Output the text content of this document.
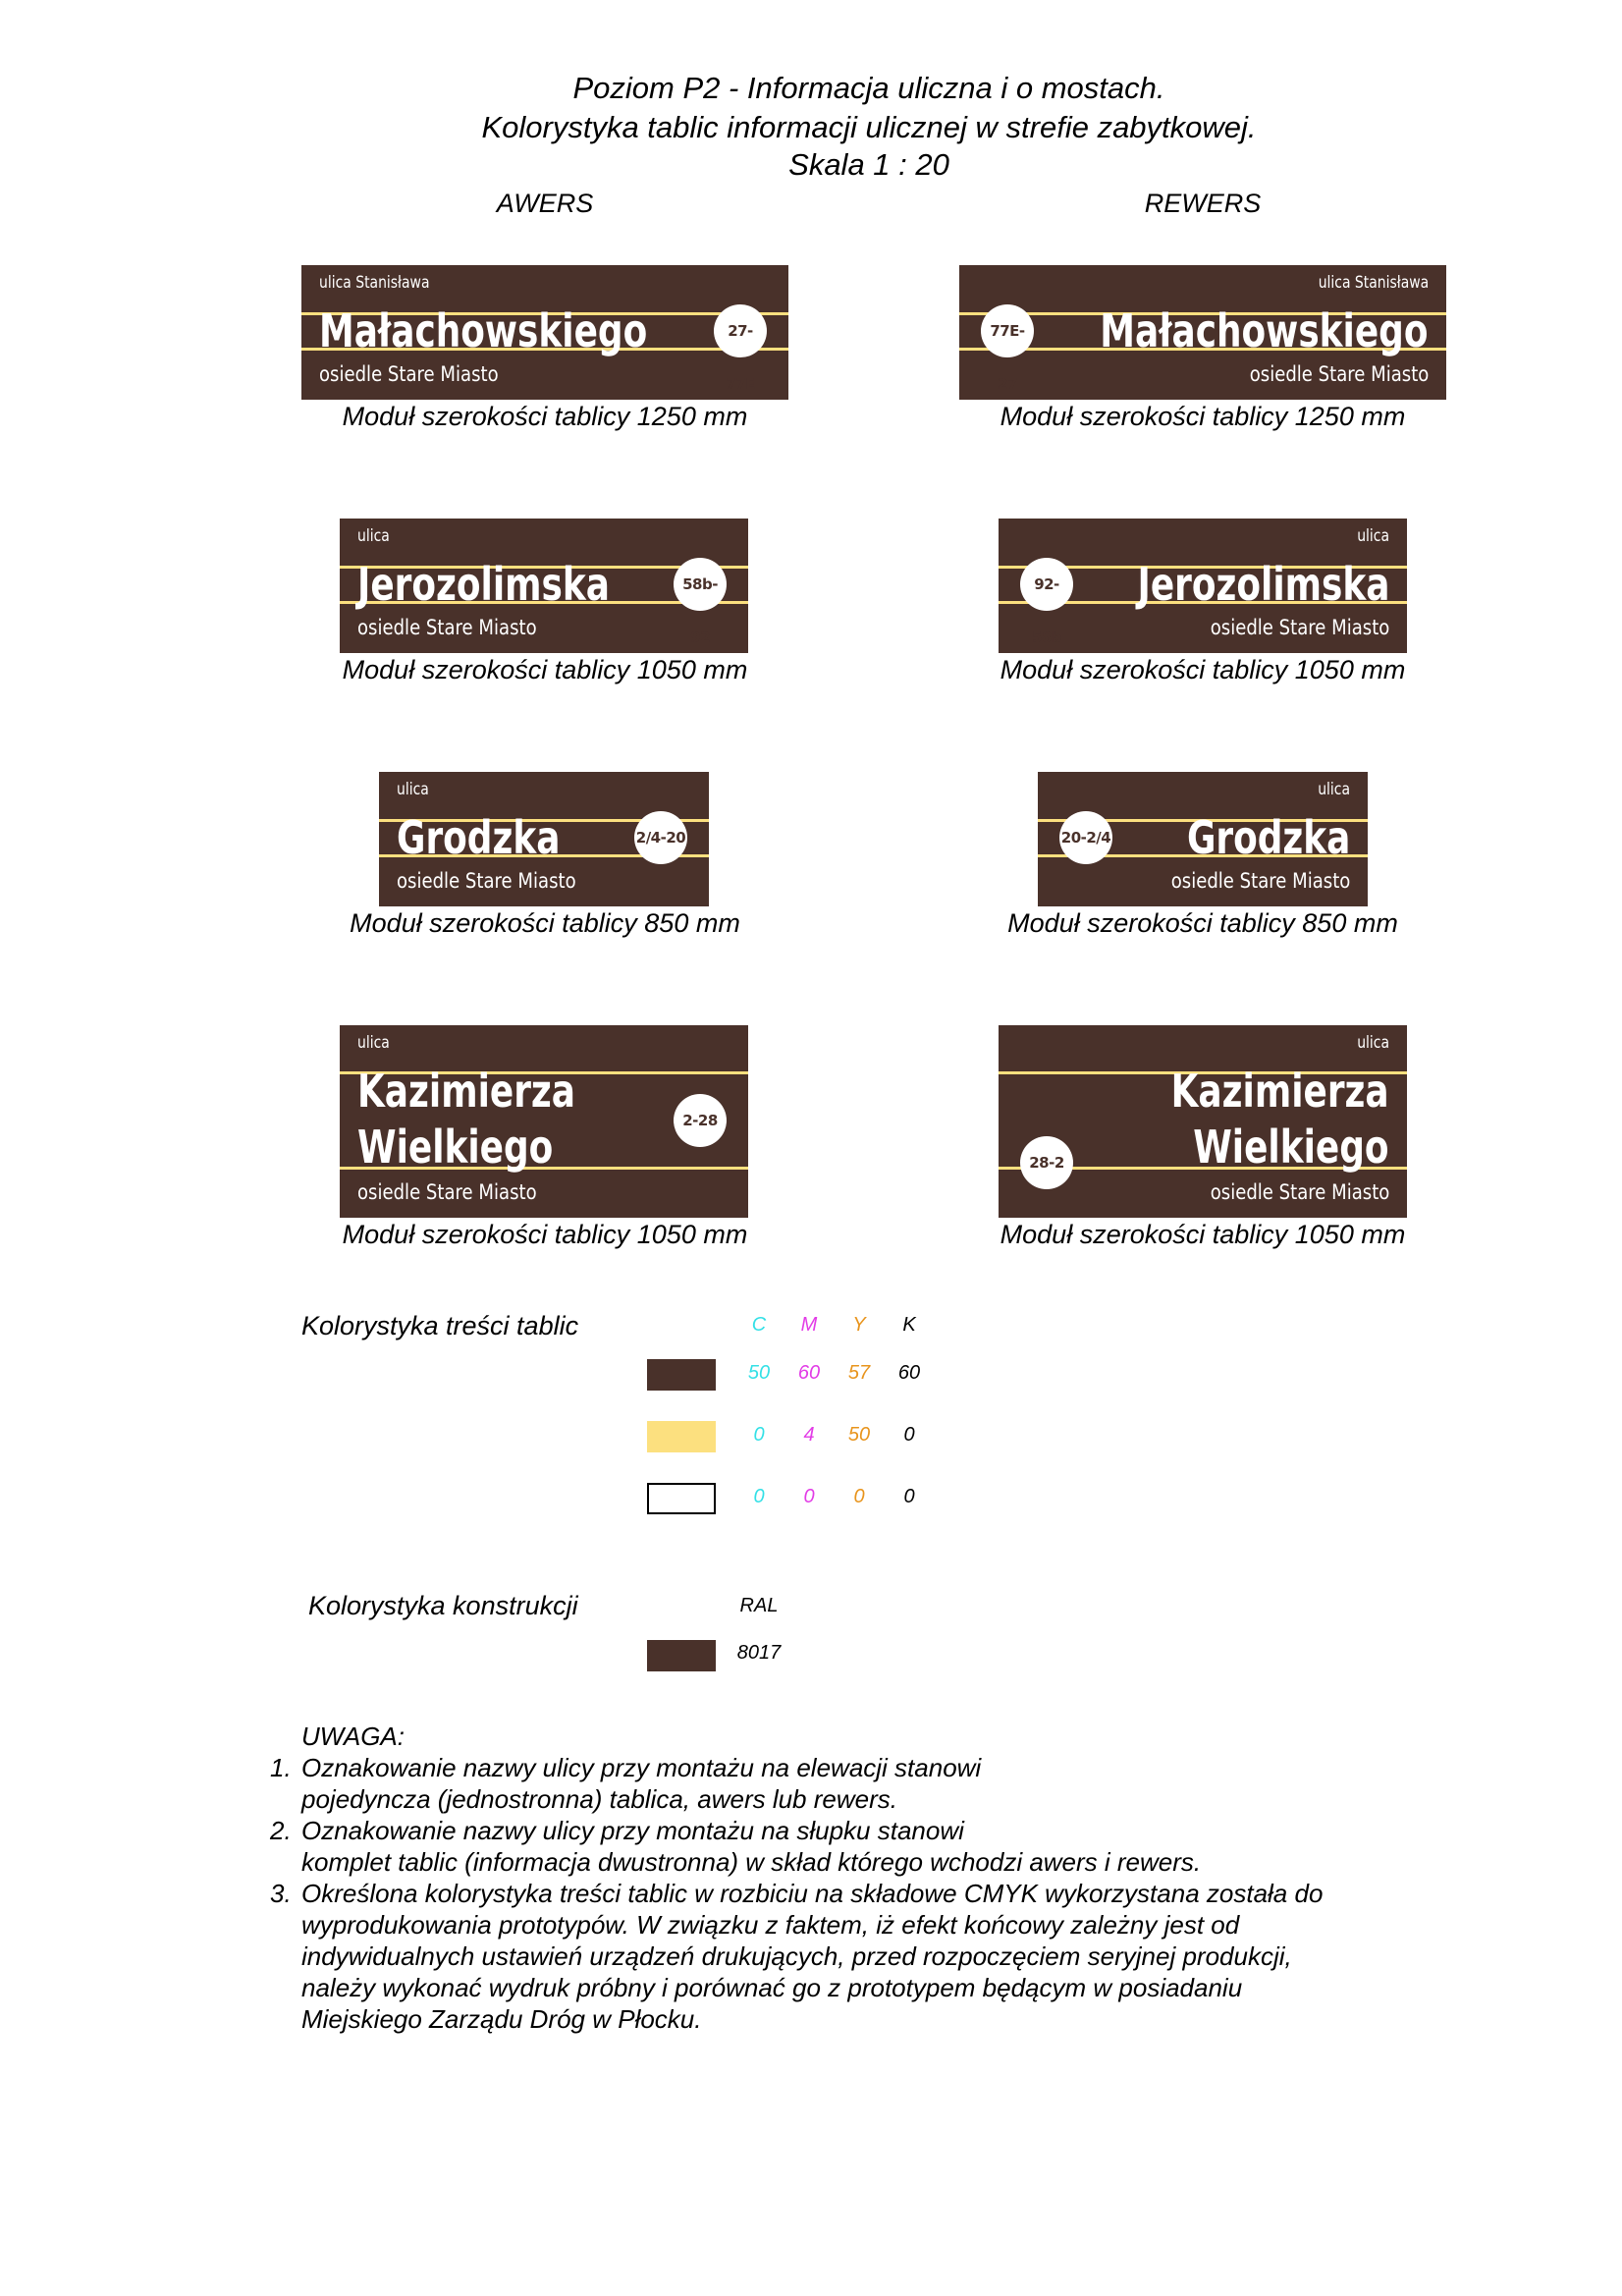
Poziom P2 - Informacja uliczna i o mostach.
Kolorystyka tablic informacji ulicznej w strefie zabytkowej.
Skala 1 : 20
AWERS	REWERS
ulica Stanisława
Małachowskiego	27-77E
osiedle Stare Miasto
Moduł szerokości tablicy 1250 mm
ulica Stanisława
77E-27
Małachowskiego
osiedle Stare Miasto
Moduł szerokości tablicy 1250 mm
ulica
Jerozolimska	58b-92
osiedle Stare Miasto
Moduł szerokości tablicy 1050 mm
ulica
92-58b
Jerozolimska
osiedle Stare Miasto
Moduł szerokości tablicy 1050 mm
ulica
Grodzka	2/4-20
osiedle Stare Miasto
Moduł szerokości tablicy 850 mm
ulica
20-2/4 Grodzka
osiedle Stare Miasto
Moduł szerokości tablicy 850 mm
ulica
Kazimierza
Wielkiego	2-28
osiedle Stare Miasto
Moduł szerokości tablicy 1050 mm
ulica
28-2
Kazimierza
Wielkiego
osiedle Stare Miasto
Moduł szerokości tablicy 1050 mm
Kolorystyka treści tablic	C	M	Y	K
50	60	57	60
0	4	50	0
0	0	0	0
Kolorystyka konstrukcji	RAL
8017
UWAGA:
1. Oznakowanie nazwy ulicy przy montażu na elewacji stanowi
pojedyncza (jednostronna) tablica, awers lub rewers.
2. Oznakowanie nazwy ulicy przy montażu na słupku stanowi
komplet tablic (informacja dwustronna) w skład którego wchodzi awers i rewers.
3. Określona kolorystyka treści tablic w rozbiciu na składowe CMYK wykorzystana została do
wyprodukowania prototypów. W związku z faktem, iż efekt końcowy zależny jest od
indywidualnych ustawień urządzeń drukujących, przed rozpoczęciem seryjnej produkcji,
należy wykonać wydruk próbny i porównać go z prototypem będącym w posiadaniu
Miejskiego Zarządu Dróg w Płocku.
